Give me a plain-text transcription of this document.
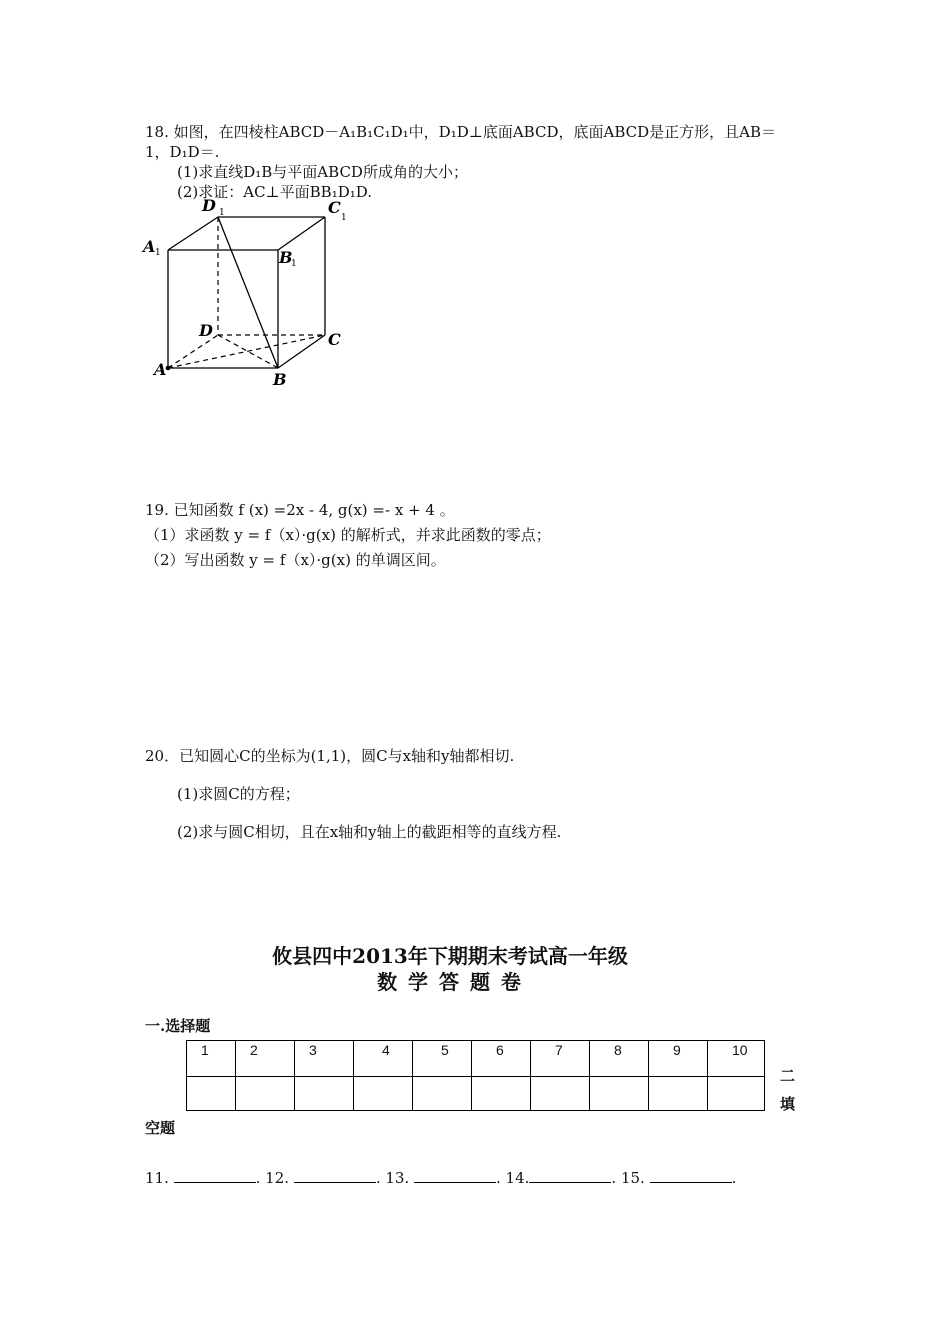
18. 如图，在四棱柱ABCD－A₁B₁C₁D₁中，D₁D⊥底面ABCD，底面ABCD是正方形，且AB＝
1，D₁D＝.
(1)求直线D₁B与平面ABCD所成角的大小；
(2)求证：AC⊥平面BB₁D₁D.
D 1	C
1
A 1	B
1
D	C
A
B
19. 已知函数 f (x) =2x - 4, g(x) =- x + 4 。
（1）求函数 y = f（x）·g(x) 的解析式，并求此函数的零点；
（2）写出函数 y = f（x）·g(x) 的单调区间。
20．已知圆心C的坐标为(1,1)，圆C与x轴和y轴都相切.
(1)求圆C的方程；
(2)求与圆C相切，且在x轴和y轴上的截距相等的直线方程.
攸县四中2013年下期期末考试高一年级
数 学 答 题 卷
一.选择题
1	2	3	4	5	6	7	8	9	10

二
填
空题
11.	. 12.	. 13.	. 14.	. 15.	.
